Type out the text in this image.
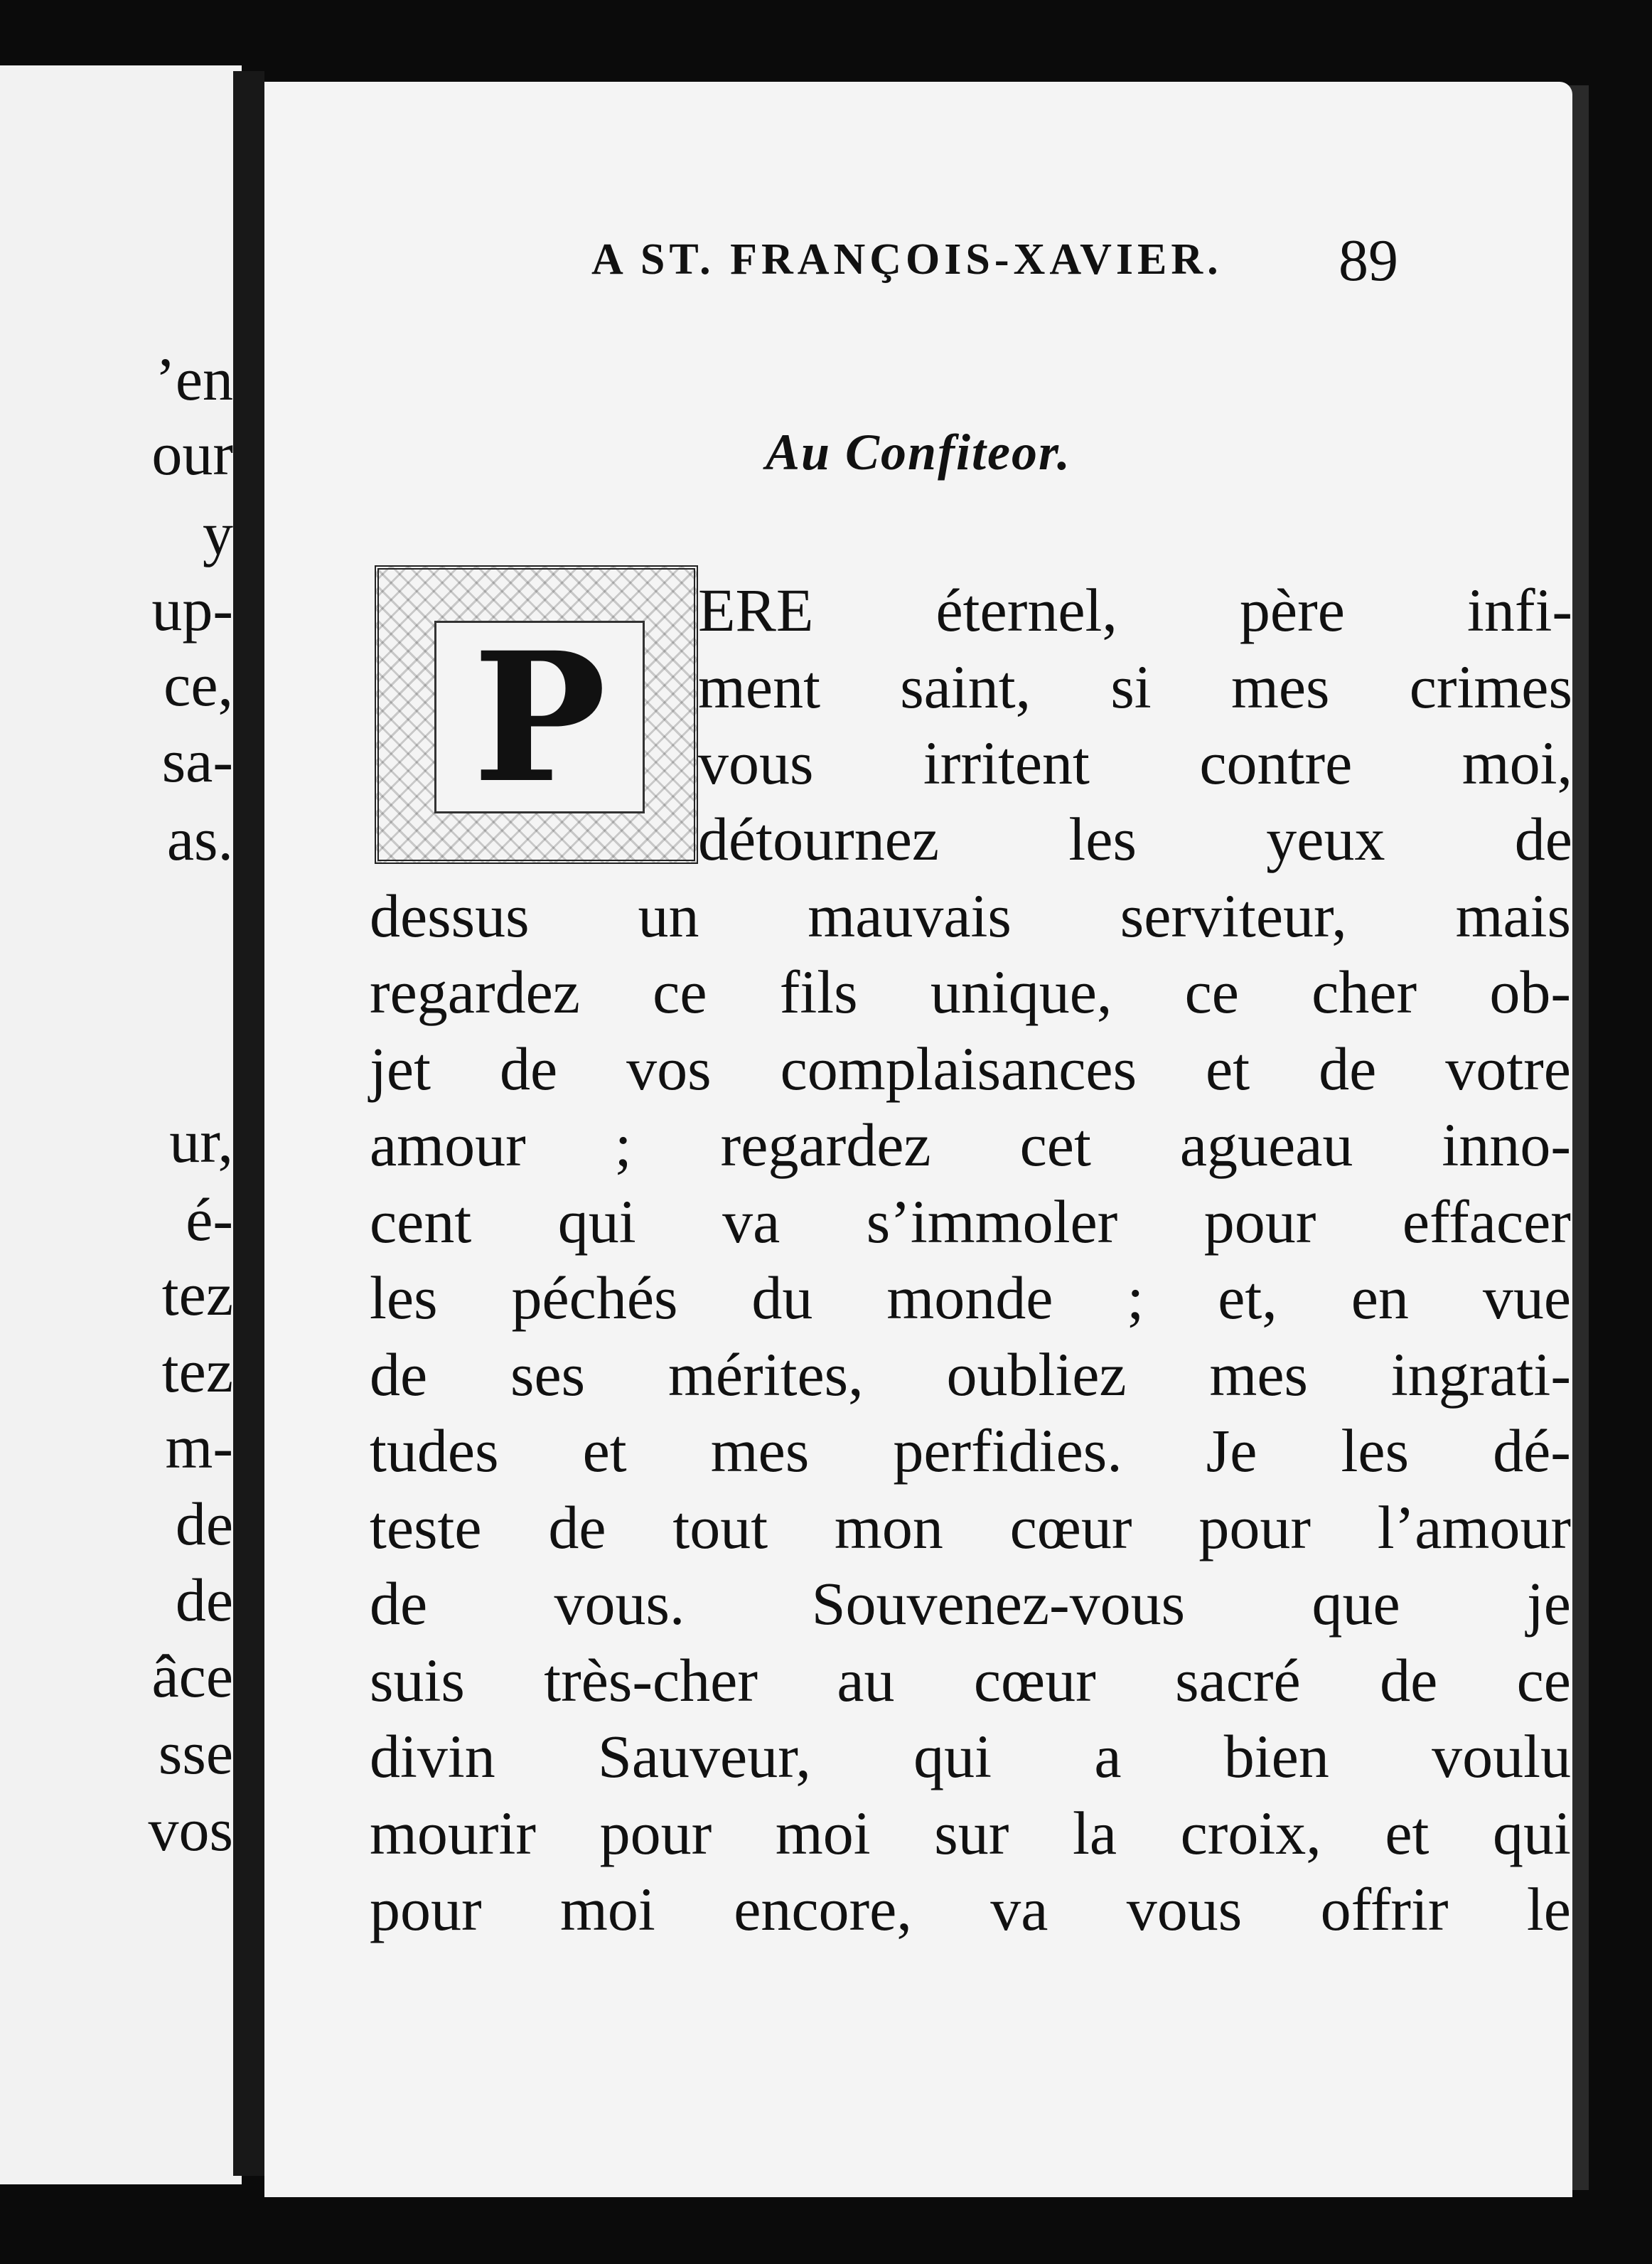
’en
our
y
up-
ce,
sa-
as.
ur,
é-
tez
tez
m-
de
de
âce
sse
vos
A ST. FRANÇOIS-XAVIER. 89
Au Confiteor.
P
ERE éternel, père infi-
ment saint, si mes crimes
vous irritent contre moi,
détournez les yeux de
dessus un mauvais serviteur, mais
regardez ce fils unique, ce cher ob-
jet de vos complaisances et de votre
amour ; regardez cet agueau inno-
cent qui va s’immoler pour effacer
les péchés du monde ; et, en vue
de ses mérites, oubliez mes ingrati-
tudes et mes perfidies. Je les dé-
teste de tout mon cœur pour l’amour
de vous. Souvenez-vous que je
suis très-cher au cœur sacré de ce
divin Sauveur, qui a bien voulu
mourir pour moi sur la croix, et qui
pour moi encore, va vous offrir le
